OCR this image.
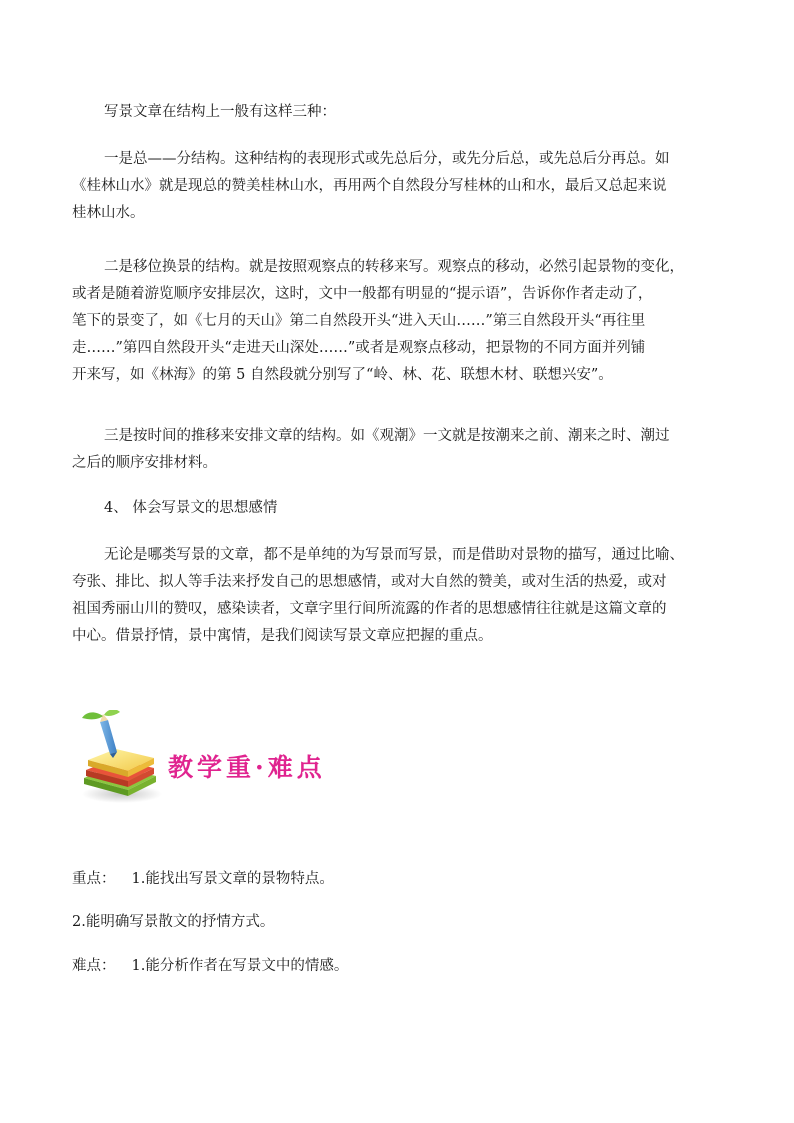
写景文章在结构上一般有这样三种：

一是总——分结构。这种结构的表现形式或先总后分，或先分后总，或先总后分再总。如
《桂林山水》就是现总的赞美桂林山水，再用两个自然段分写桂林的山和水，最后又总起来说
桂林山水。

二是移位换景的结构。就是按照观察点的转移来写。观察点的移动，必然引起景物的变化，
或者是随着游览顺序安排层次，这时，文中一般都有明显的“提示语”，告诉你作者走动了，
笔下的景变了，如《七月的天山》第二自然段开头“进入天山……”第三自然段开头“再往里
走……”第四自然段开头“走进天山深处……”或者是观察点移动，把景物的不同方面并列铺
开来写，如《林海》的第 5 自然段就分别写了“岭、林、花、联想木材、联想兴安”。

三是按时间的推移来安排文章的结构。如《观潮》一文就是按潮来之前、潮来之时、潮过
之后的顺序安排材料。

4、 体会写景文的思想感情

无论是哪类写景的文章，都不是单纯的为写景而写景，而是借助对景物的描写，通过比喻、
夸张、排比、拟人等手法来抒发自己的思想感情，或对大自然的赞美，或对生活的热爱，或对
祖国秀丽山川的赞叹，感染读者，文章字里行间所流露的作者的思想感情往往就是这篇文章的
中心。借景抒情，景中寓情，是我们阅读写景文章应把握的重点。

教学重·难点
重点： 1.能找出写景文章的景物特点。
2.能明确写景散文的抒情方式。
难点： 1.能分析作者在写景文中的情感。
